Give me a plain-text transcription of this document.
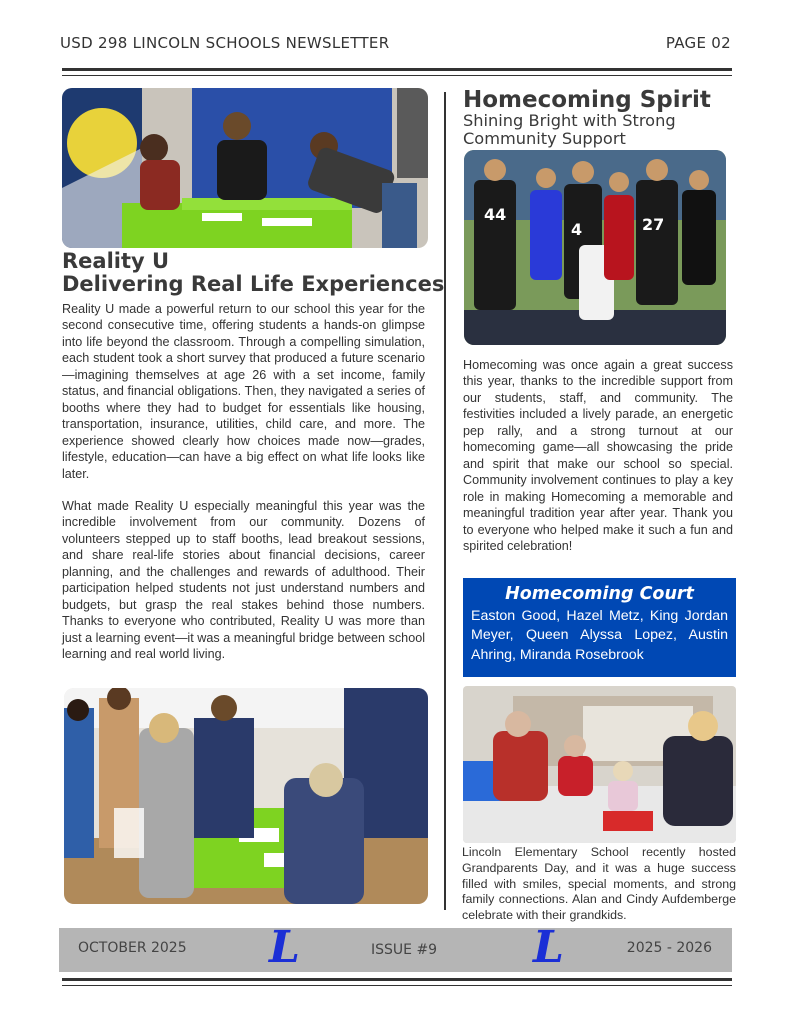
USD 298 LINCOLN SCHOOLS NEWSLETTER	PAGE 02
Reality U
Delivering Real Life Experiences
Reality U made a powerful return to our school this year for the second consecutive time, offering students a hands-on glimpse into life beyond the classroom. Through a compelling simulation, each student took a short survey that produced a future scenario—imagining themselves at age 26 with a set income, family status, and financial obligations. Then, they navigated a series of booths where they had to budget for essentials like housing, transportation, insurance, utilities, child care, and more. The experience showed clearly how choices made now—grades, lifestyle, education—can have a big effect on what life looks like later.
What made Reality U especially meaningful this year was the incredible involvement from our community. Dozens of volunteers stepped up to staff booths, lead breakout sessions, and share real-life stories about financial decisions, career planning, and the challenges and rewards of adulthood. Their participation helped students not just understand numbers and budgets, but grasp the real stakes behind those numbers. Thanks to everyone who contributed, Reality U was more than just a learning event—it was a meaningful bridge between school learning and real world living.
Homecoming Spirit
Shining Bright with Strong Community Support
44
4	27
Homecoming was once again a great success this year, thanks to the incredible support from our students, staff, and community. The festivities included a lively parade, an energetic pep rally, and a strong turnout at our homecoming game—all showcasing the pride and spirit that make our school so special. Community involvement continues to play a key role in making Homecoming a memorable and meaningful tradition year after year. Thank you to everyone who helped make it such a fun and spirited celebration!
Homecoming Court
Easton Good, Hazel Metz, King Jordan Meyer, Queen Alyssa Lopez, Austin Ahring, Miranda Rosebrook
Lincoln Elementary School recently hosted Grandparents Day, and it was a huge success filled with smiles, special moments, and strong family connections. Alan and Cindy Aufdemberge celebrate with their grandkids.
OCTOBER 2025 L	ISSUE #9 L	2025 - 2026
